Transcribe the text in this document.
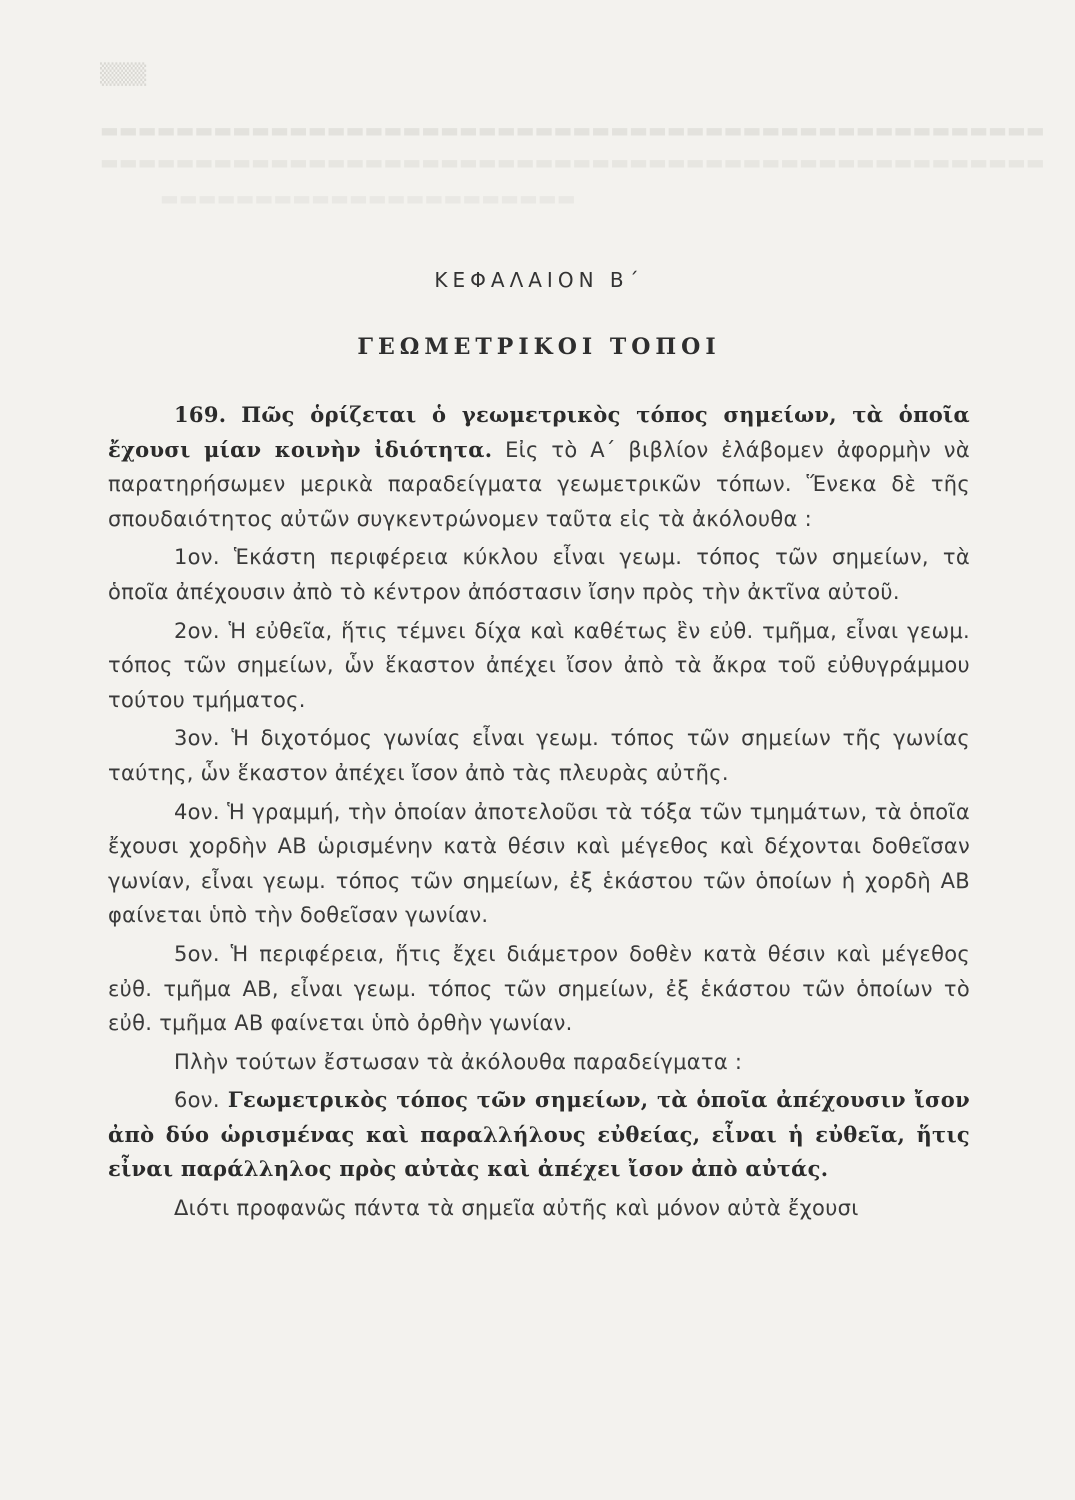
▒▒▒
▬▬▬▬▬▬▬▬▬▬▬▬▬▬▬▬▬▬▬▬▬▬▬▬▬▬▬▬▬▬▬▬▬▬▬▬▬▬▬▬▬▬▬▬▬▬▬▬▬▬
▬▬▬▬▬▬▬▬▬▬▬▬▬▬▬▬▬▬▬▬▬▬▬▬▬▬▬▬▬▬▬▬▬▬▬▬▬▬▬▬▬▬▬▬▬▬▬▬▬▬
▬▬▬▬▬▬▬▬▬▬▬▬▬▬▬▬▬▬▬▬▬▬
ΚΕΦΑΛΑΙΟΝ Β΄
ΓΕΩΜΕΤΡΙΚΟΙ ΤΟΠΟΙ

169. Πῶς ὁρίζεται ὁ γεωμετρικὸς τόπος σημείων, τὰ ὁποῖα ἔχουσι μίαν κοινὴν ἰδιότητα. Εἰς τὸ Α΄ βιβλίον ἐλάβομεν ἀφορμὴν νὰ παρατηρήσωμεν μερικὰ παραδείγματα γεωμετρικῶν τόπων. Ἕνεκα δὲ τῆς σπουδαιότητος αὐτῶν συγκεντρώνομεν ταῦτα εἰς τὰ ἀκόλουθα :

1ον. Ἑκάστη περιφέρεια κύκλου εἶναι γεωμ. τόπος τῶν σημείων, τὰ ὁποῖα ἀπέχουσιν ἀπὸ τὸ κέντρον ἀπόστασιν ἴσην πρὸς τὴν ἀκτῖνα αὐτοῦ.

2ον. Ἡ εὐθεῖα, ἥτις τέμνει δίχα καὶ καθέτως ἓν εὐθ. τμῆμα, εἶναι γεωμ. τόπος τῶν σημείων, ὧν ἕκαστον ἀπέχει ἴσον ἀπὸ τὰ ἄκρα τοῦ εὐθυγράμμου τούτου τμήματος.

3ον. Ἡ διχοτόμος γωνίας εἶναι γεωμ. τόπος τῶν σημείων τῆς γωνίας ταύτης, ὧν ἕκαστον ἀπέχει ἴσον ἀπὸ τὰς πλευρὰς αὐτῆς.

4ον. Ἡ γραμμή, τὴν ὁποίαν ἀποτελοῦσι τὰ τόξα τῶν τμημάτων, τὰ ὁποῖα ἔχουσι χορδὴν ΑΒ ὡρισμένην κατὰ θέσιν καὶ μέγεθος καὶ δέχονται δοθεῖσαν γωνίαν, εἶναι γεωμ. τόπος τῶν σημείων, ἐξ ἑκάστου τῶν ὁποίων ἡ χορδὴ ΑΒ φαίνεται ὑπὸ τὴν δοθεῖσαν γωνίαν.

5ον. Ἡ περιφέρεια, ἥτις ἔχει διάμετρον δοθὲν κατὰ θέσιν καὶ μέγεθος εὐθ. τμῆμα ΑΒ, εἶναι γεωμ. τόπος τῶν σημείων, ἐξ ἑκάστου τῶν ὁποίων τὸ εὐθ. τμῆμα ΑΒ φαίνεται ὑπὸ ὀρθὴν γωνίαν.

Πλὴν τούτων ἔστωσαν τὰ ἀκόλουθα παραδείγματα :

6ον. Γεωμετρικὸς τόπος τῶν σημείων, τὰ ὁποῖα ἀπέχουσιν ἴσον ἀπὸ δύο ὡρισμένας καὶ παραλλήλους εὐθείας, εἶναι ἡ εὐθεῖα, ἥτις εἶναι παράλληλος πρὸς αὐτὰς καὶ ἀπέχει ἴσον ἀπὸ αὐτάς.

Διότι προφανῶς πάντα τὰ σημεῖα αὐτῆς καὶ μόνον αὐτὰ ἔχουσι
